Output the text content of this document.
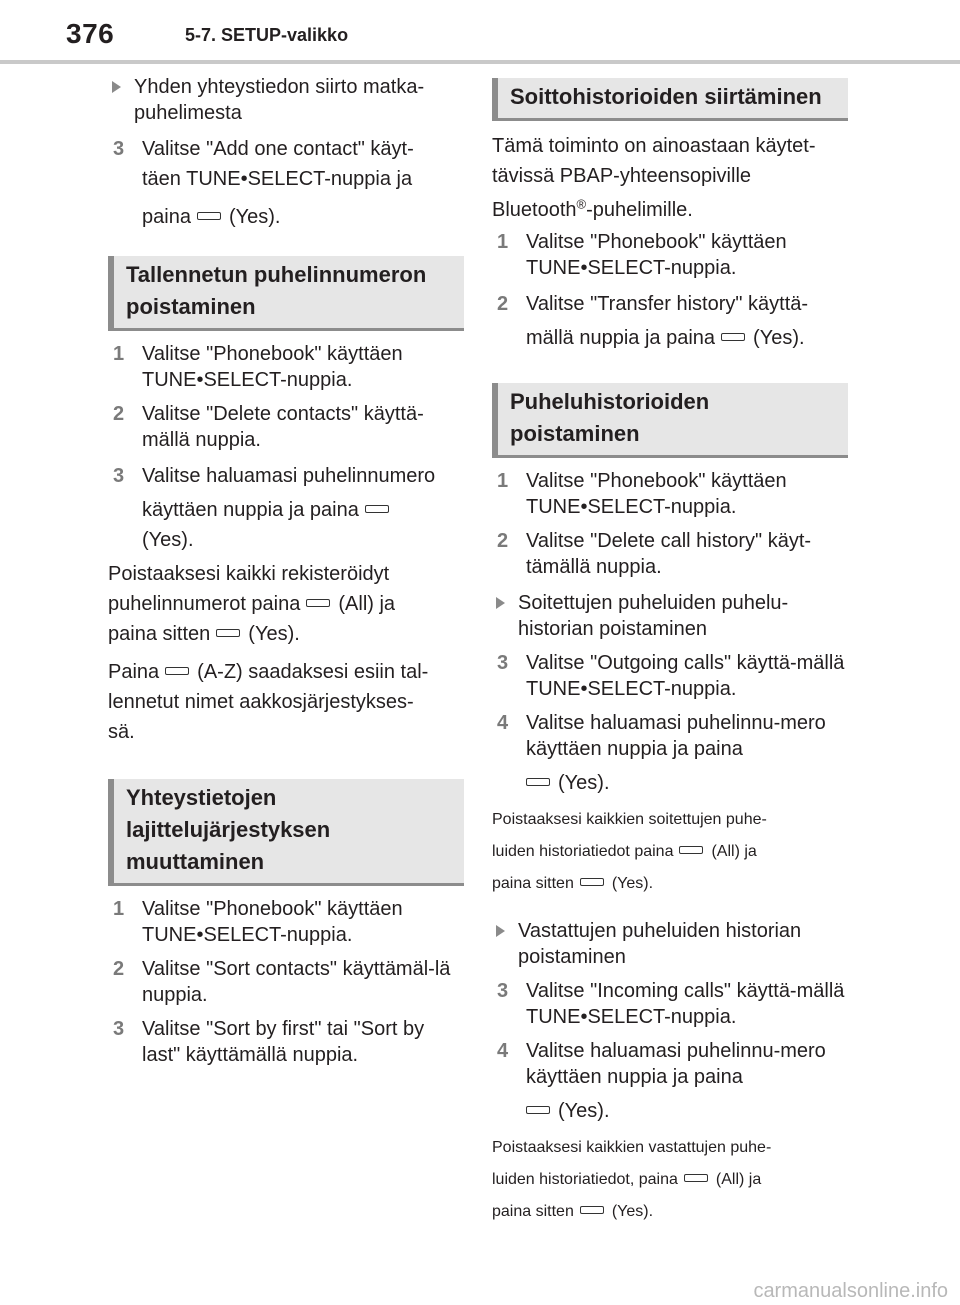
376	5-7. SETUP-valikko
Yhden yhteystiedon siirto matka-puhelimesta
3 Valitse "Add one contact" käyt-
täen TUNE•SELECT-nuppia ja
paina (Yes).
Tallennetun puhelinnumeron poistaminen
1 Valitse "Phonebook" käyttäen TUNE•SELECT-nuppia.
2 Valitse "Delete contacts" käyttä-mällä nuppia.
3 Valitse haluamasi puhelinnumero
käyttäen nuppia ja paina
(Yes).
Poistaaksesi kaikki rekisteröidyt
puhelinnumerot paina (All) ja
paina sitten (Yes).
Paina (A-Z) saadaksesi esiin tal-
lennetut nimet aakkosjärjestykses-
sä.
Yhteystietojen lajittelujärjestyksen muuttaminen
1 Valitse "Phonebook" käyttäen TUNE•SELECT-nuppia.
2 Valitse "Sort contacts" käyttämäl-lä nuppia.
3 Valitse "Sort by first" tai "Sort by last" käyttämällä nuppia.
Soittohistorioiden siirtäminen
Tämä toiminto on ainoastaan käytet-
tävissä PBAP-yhteensopiville
Bluetooth®-puhelimille.
1 Valitse "Phonebook" käyttäen TUNE•SELECT-nuppia.
2 Valitse "Transfer history" käyttä-
mällä nuppia ja paina (Yes).
Puheluhistorioiden poistaminen
1 Valitse "Phonebook" käyttäen TUNE•SELECT-nuppia.
2 Valitse "Delete call history" käyt-tämällä nuppia.
Soitettujen puheluiden puhelu-historian poistaminen
3 Valitse "Outgoing calls" käyttä-mällä TUNE•SELECT-nuppia.
4 Valitse haluamasi puhelinnu-mero käyttäen nuppia ja paina
(Yes).
Poistaaksesi kaikkien soitettujen puhe-
luiden historiatiedot paina (All) ja
paina sitten (Yes).
Vastattujen puheluiden historian poistaminen
3 Valitse "Incoming calls" käyttä-mällä TUNE•SELECT-nuppia.
4 Valitse haluamasi puhelinnu-mero käyttäen nuppia ja paina
(Yes).
Poistaaksesi kaikkien vastattujen puhe-
luiden historiatiedot, paina (All) ja
paina sitten (Yes).
carmanualsonline.info
